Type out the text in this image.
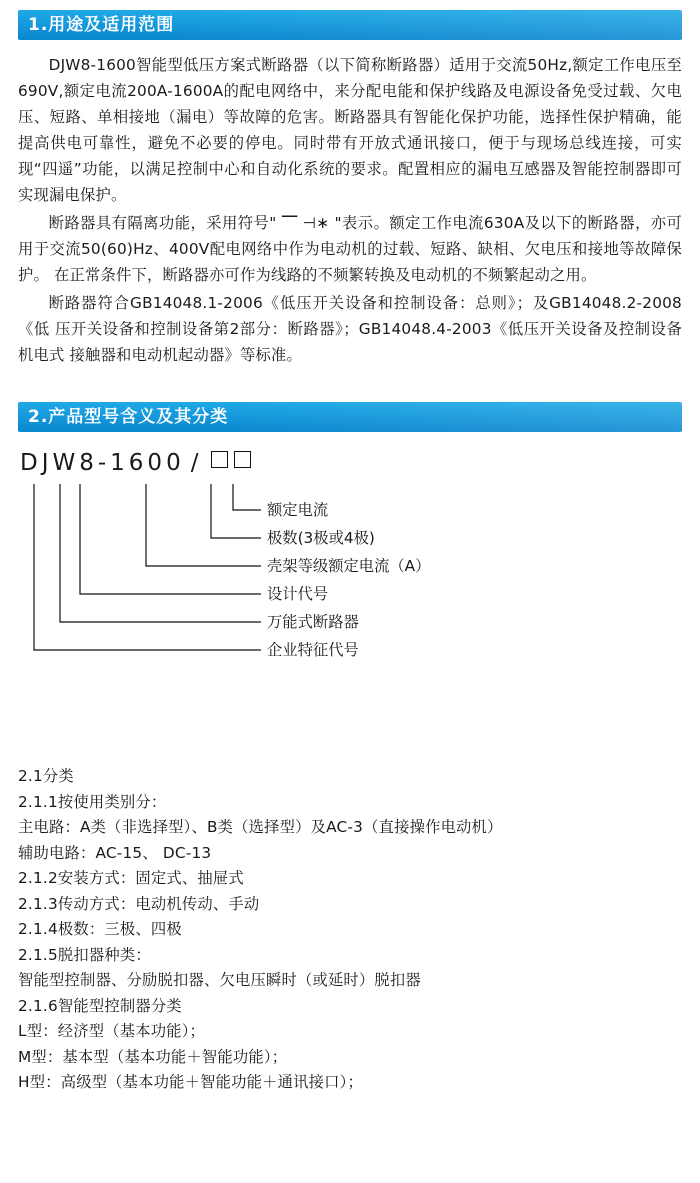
1.用途及适用范围

DJW8-1600智能型低压方案式断路器（以下简称断路器）适用于交流50Hz,额定工作电压至690V,额定电流200A-1600A的配电网络中，来分配电能和保护线路及电源设备免受过载、欠电压、短路、单相接地（漏电）等故障的危害。断路器具有智能化保护功能，选择性保护精确，能提高供电可靠性，避免不必要的停电。同时带有开放式通讯接口，便于与现场总线连接，可实现“四遥”功能，以满足控制中心和自动化系统的要求。配置相应的漏电互感器及智能控制器即可实现漏电保护。

断路器具有隔离功能，采用符号" ⎺ ⊣∗ "表示。额定工作电流630A及以下的断路器，亦可用于交流50(60)Hz、400V配电网络中作为电动机的过载、短路、缺相、欠电压和接地等故障保护。 在正常条件下，断路器亦可作为线路的不频繁转换及电动机的不频繁起动之用。

断路器符合GB14048.1-2006《低压开关设备和控制设备：总则》；及GB14048.2-2008《低 压开关设备和控制设备第2部分：断路器》；GB14048.4-2003《低压开关设备及控制设备 机电式 接触器和电动机起动器》等标准。

2.产品型号含义及其分类
DJW8-1600 /
额定电流
极数(3极或4极)
壳架等级额定电流（A）
设计代号
万能式断路器
企业特征代号
2.1分类
2.1.1按使用类别分：
主电路：A类（非选择型）、B类（选择型）及AC-3（直接操作电动机）
辅助电路：AC-15、 DC-13
2.1.2安装方式：固定式、抽屉式
2.1.3传动方式：电动机传动、手动
2.1.4极数：三极、四极
2.1.5脱扣器种类：
智能型控制器、分励脱扣器、欠电压瞬时（或延时）脱扣器
2.1.6智能型控制器分类
L型：经济型（基本功能）；
M型：基本型（基本功能＋智能功能）；
H型：高级型（基本功能＋智能功能＋通讯接口）；
